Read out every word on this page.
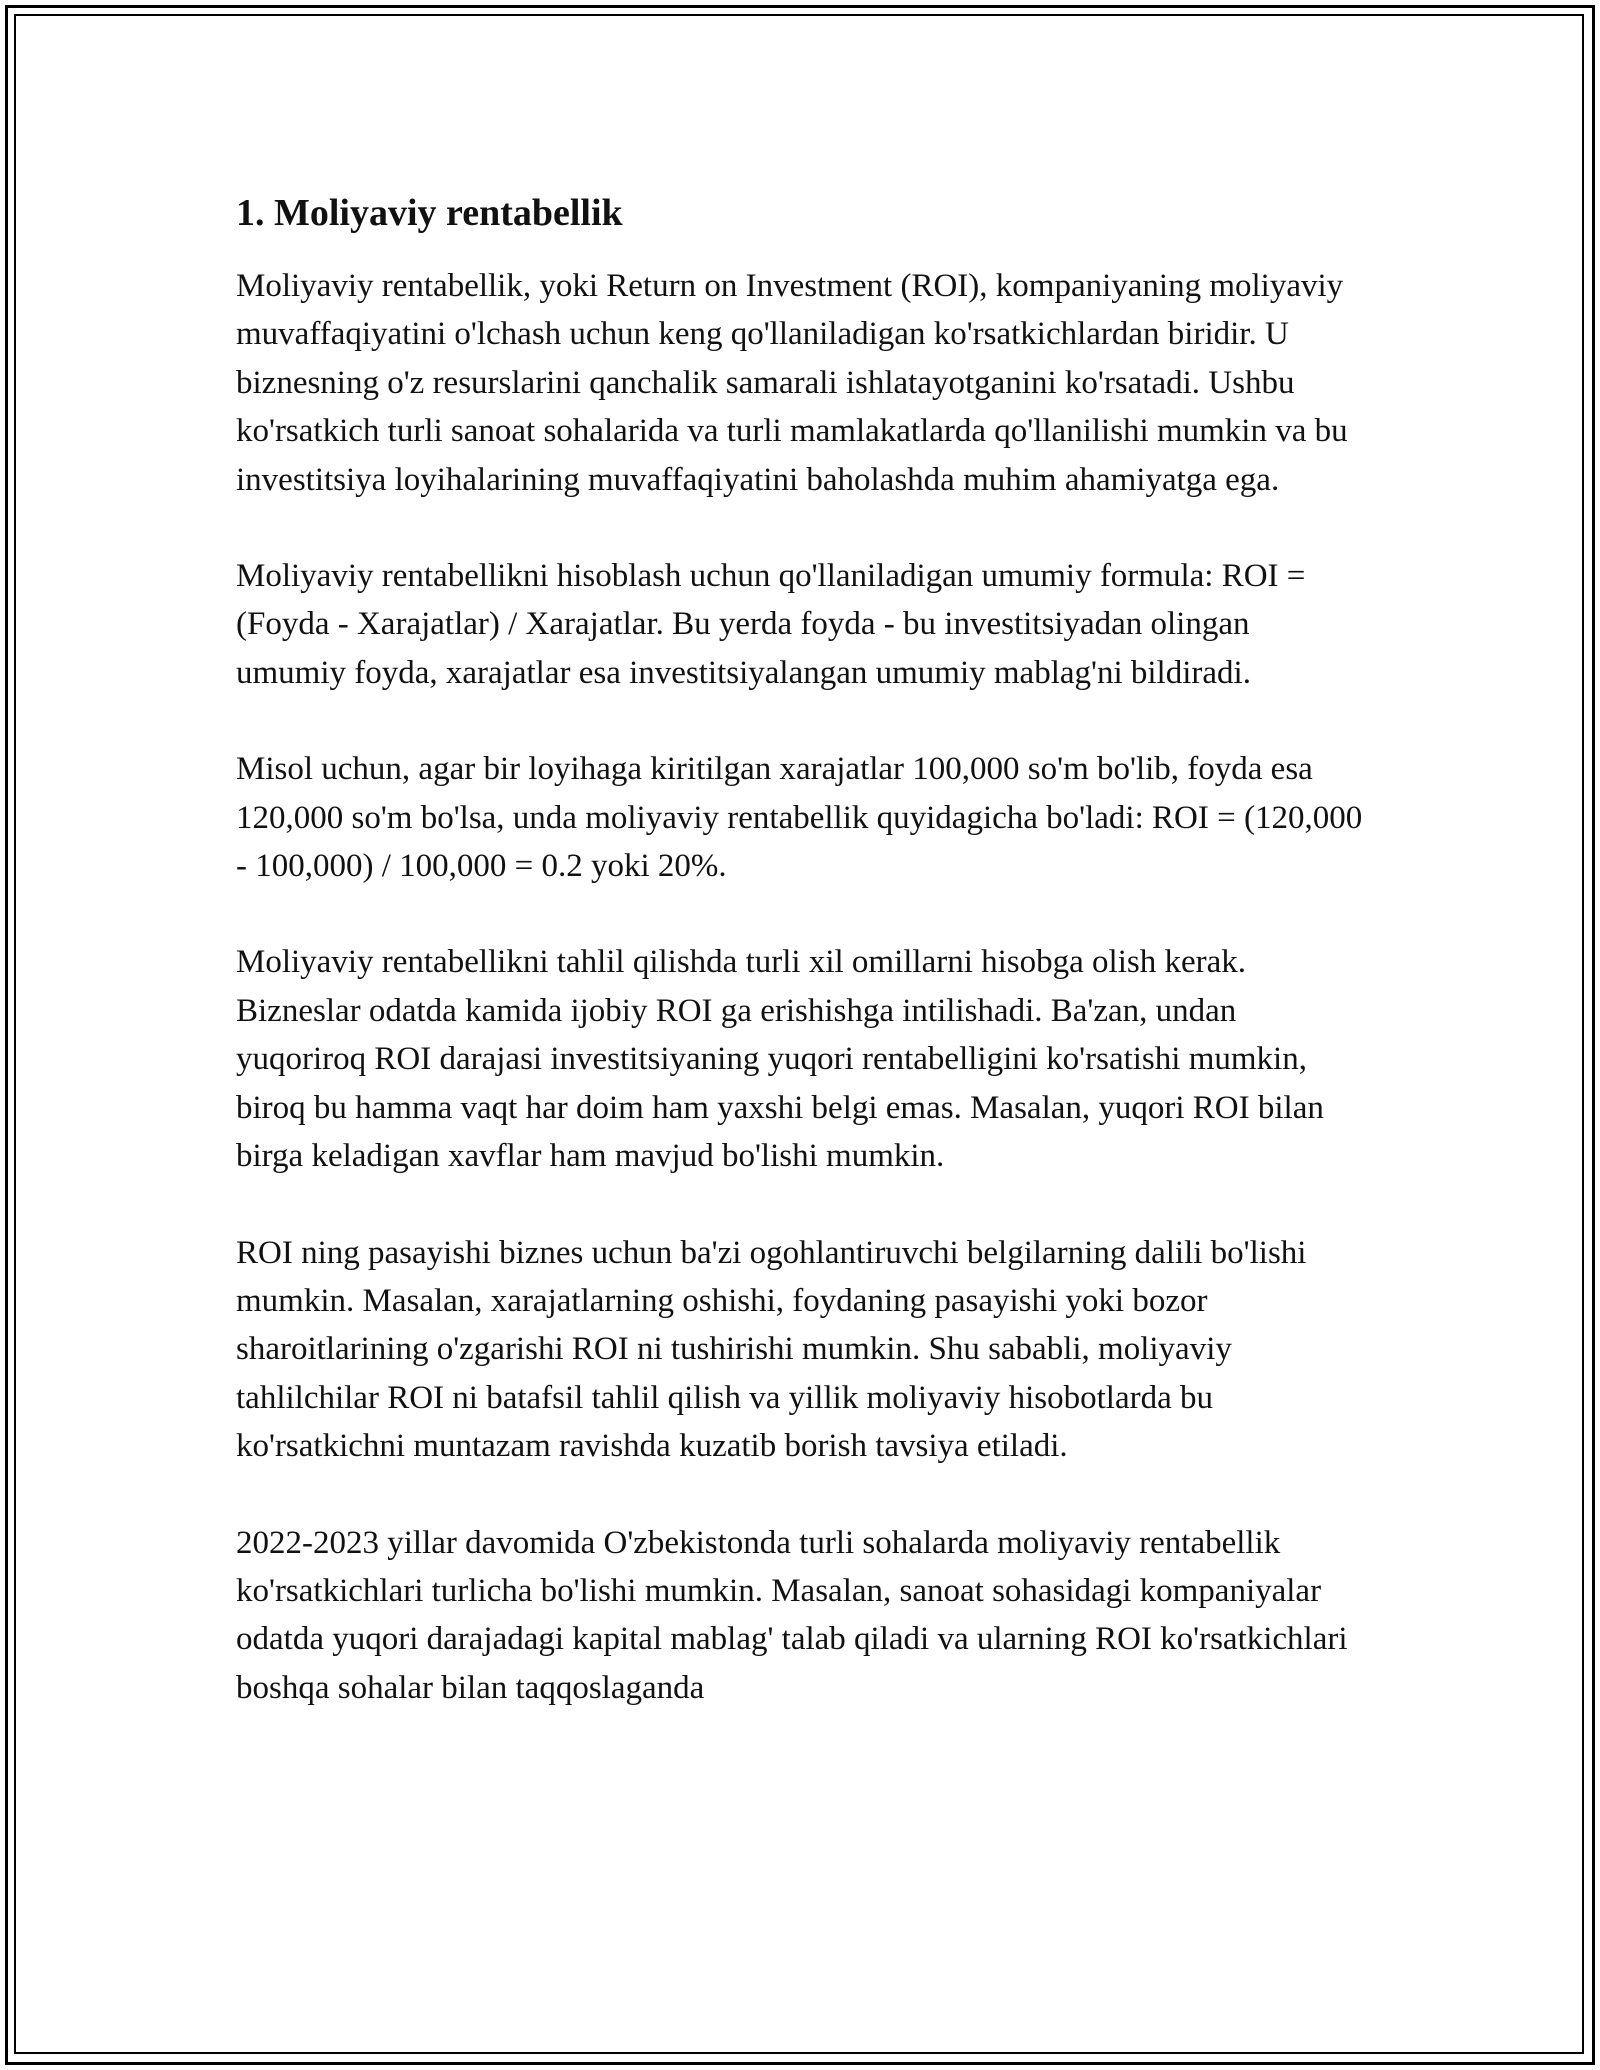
1. Moliyaviy rentabellik

Moliyaviy rentabellik, yoki Return on Investment (ROI), kompaniyaning moliyaviy muvaffaqiyatini o'lchash uchun keng qo'llaniladigan ko'rsatkichlardan biridir. U biznesning o'z resurslarini qanchalik samarali ishlatayotganini ko'rsatadi. Ushbu ko'rsatkich turli sanoat sohalarida va turli mamlakatlarda qo'llanilishi mumkin va bu investitsiya loyihalarining muvaffaqiyatini baholashda muhim ahamiyatga ega.

Moliyaviy rentabellikni hisoblash uchun qo'llaniladigan umumiy formula: ROI = (Foyda - Xarajatlar) / Xarajatlar. Bu yerda foyda - bu investitsiyadan olingan umumiy foyda, xarajatlar esa investitsiyalangan umumiy mablag'ni bildiradi.

Misol uchun, agar bir loyihaga kiritilgan xarajatlar 100,000 so'm bo'lib, foyda esa 120,000 so'm bo'lsa, unda moliyaviy rentabellik quyidagicha bo'ladi: ROI = (120,000 - 100,000) / 100,000 = 0.2 yoki 20%.

Moliyaviy rentabellikni tahlil qilishda turli xil omillarni hisobga olish kerak. Bizneslar odatda kamida ijobiy ROI ga erishishga intilishadi. Ba'zan, undan yuqoriroq ROI darajasi investitsiyaning yuqori rentabelligini ko'rsatishi mumkin, biroq bu hamma vaqt har doim ham yaxshi belgi emas. Masalan, yuqori ROI bilan birga keladigan xavflar ham mavjud bo'lishi mumkin.

ROI ning pasayishi biznes uchun ba'zi ogohlantiruvchi belgilarning dalili bo'lishi mumkin. Masalan, xarajatlarning oshishi, foydaning pasayishi yoki bozor sharoitlarining o'zgarishi ROI ni tushirishi mumkin. Shu sababli, moliyaviy tahlilchilar ROI ni batafsil tahlil qilish va yillik moliyaviy hisobotlarda bu ko'rsatkichni muntazam ravishda kuzatib borish tavsiya etiladi.

2022-2023 yillar davomida O'zbekistonda turli sohalarda moliyaviy rentabellik ko'rsatkichlari turlicha bo'lishi mumkin. Masalan, sanoat sohasidagi kompaniyalar odatda yuqori darajadagi kapital mablag' talab qiladi va ularning ROI ko'rsatkichlari boshqa sohalar bilan taqqoslaganda
